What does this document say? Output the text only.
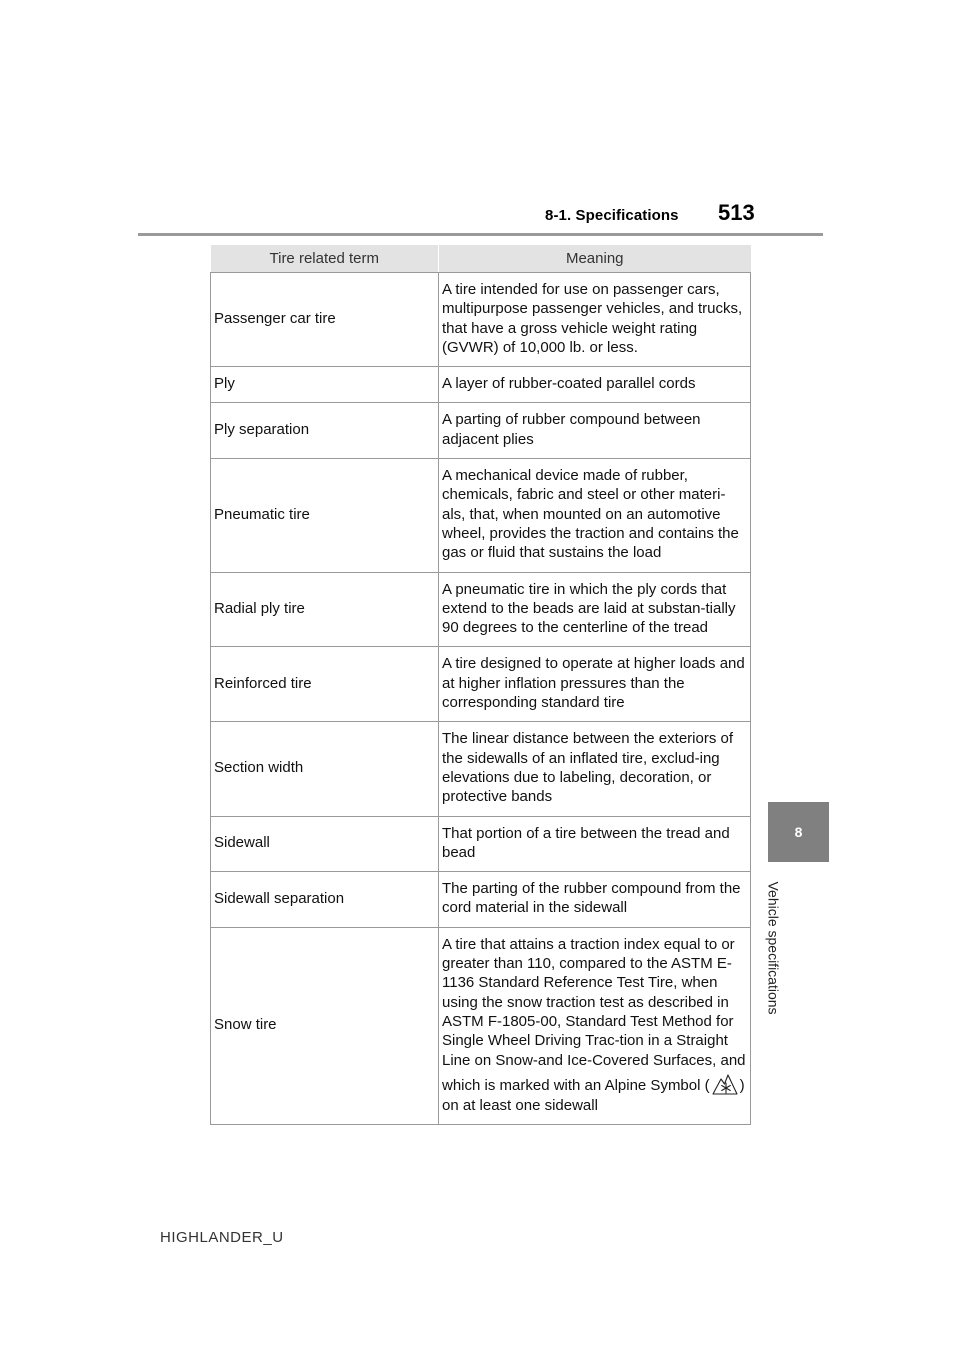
8-1. Specifications 513
Tire related term	Meaning
Passenger car tire	A tire intended for use on passenger cars, multipurpose passenger vehicles, and trucks, that have a gross vehicle weight rating (GVWR) of 10,000 lb. or less.
Ply	A layer of rubber-coated parallel cords
Ply separation	A parting of rubber compound between adjacent plies
Pneumatic tire	A mechanical device made of rubber, chemicals, fabric and steel or other materi-als, that, when mounted on an automotive wheel, provides the traction and contains the gas or fluid that sustains the load
Radial ply tire	A pneumatic tire in which the ply cords that extend to the beads are laid at substan-tially 90 degrees to the centerline of the tread
Reinforced tire	A tire designed to operate at higher loads and at higher inflation pressures than the corresponding standard tire
Section width	The linear distance between the exteriors of the sidewalls of an inflated tire, exclud-ing elevations due to labeling, decoration, or protective bands
Sidewall	That portion of a tire between the tread and bead
Sidewall separation	The parting of the rubber compound from the cord material in the sidewall
Snow tire	A tire that attains a traction index equal to or greater than 110, compared to the ASTM E-1136 Standard Reference Test Tire, when using the snow traction test as described in ASTM F-1805-00, Standard Test Method for Single Wheel Driving Trac-tion in a Straight Line on Snow-and Ice-Covered Surfaces, and which is marked with an Alpine Symbol ( ) on at least one sidewall
8
Vehicle specifications
HIGHLANDER_U
